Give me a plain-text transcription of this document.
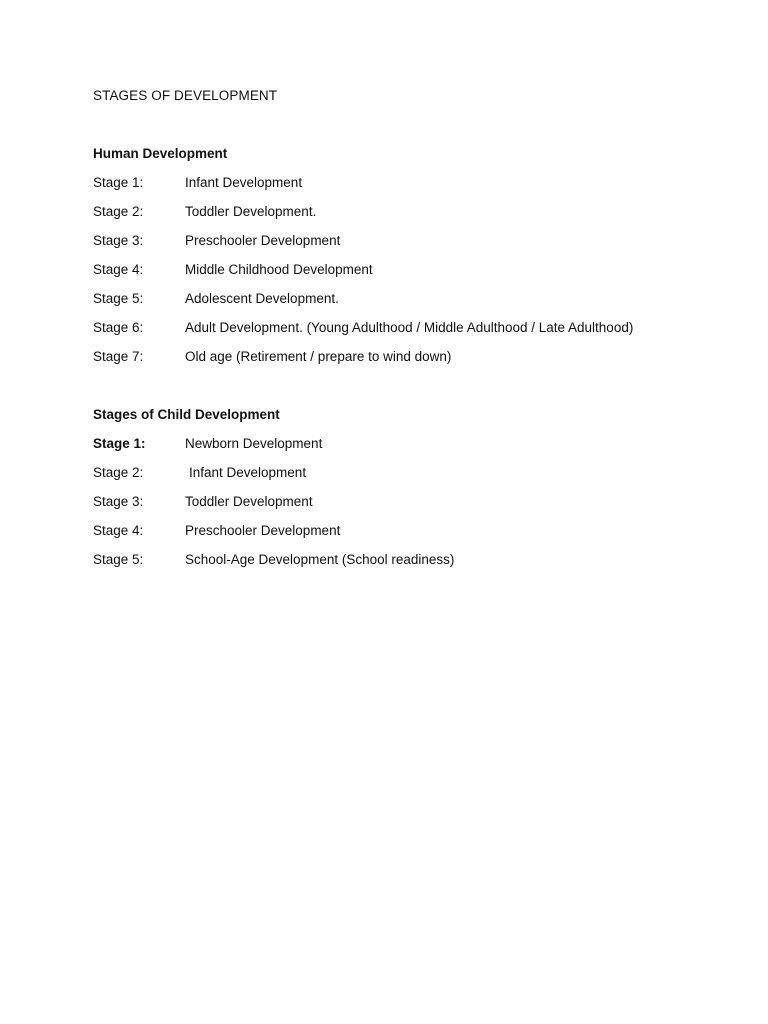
STAGES OF DEVELOPMENT
Human Development
Stage 1:	Infant Development
Stage 2:	Toddler Development.
Stage 3:	Preschooler Development
Stage 4:	Middle Childhood Development
Stage 5:	Adolescent Development.
Stage 6:	Adult Development. (Young Adulthood / Middle Adulthood / Late Adulthood)
Stage 7:	Old age (Retirement / prepare to wind down)
Stages of Child Development
Stage 1:	Newborn Development
Stage 2:	Infant Development
Stage 3:	Toddler Development
Stage 4:	Preschooler Development
Stage 5:	School-Age Development (School readiness)
